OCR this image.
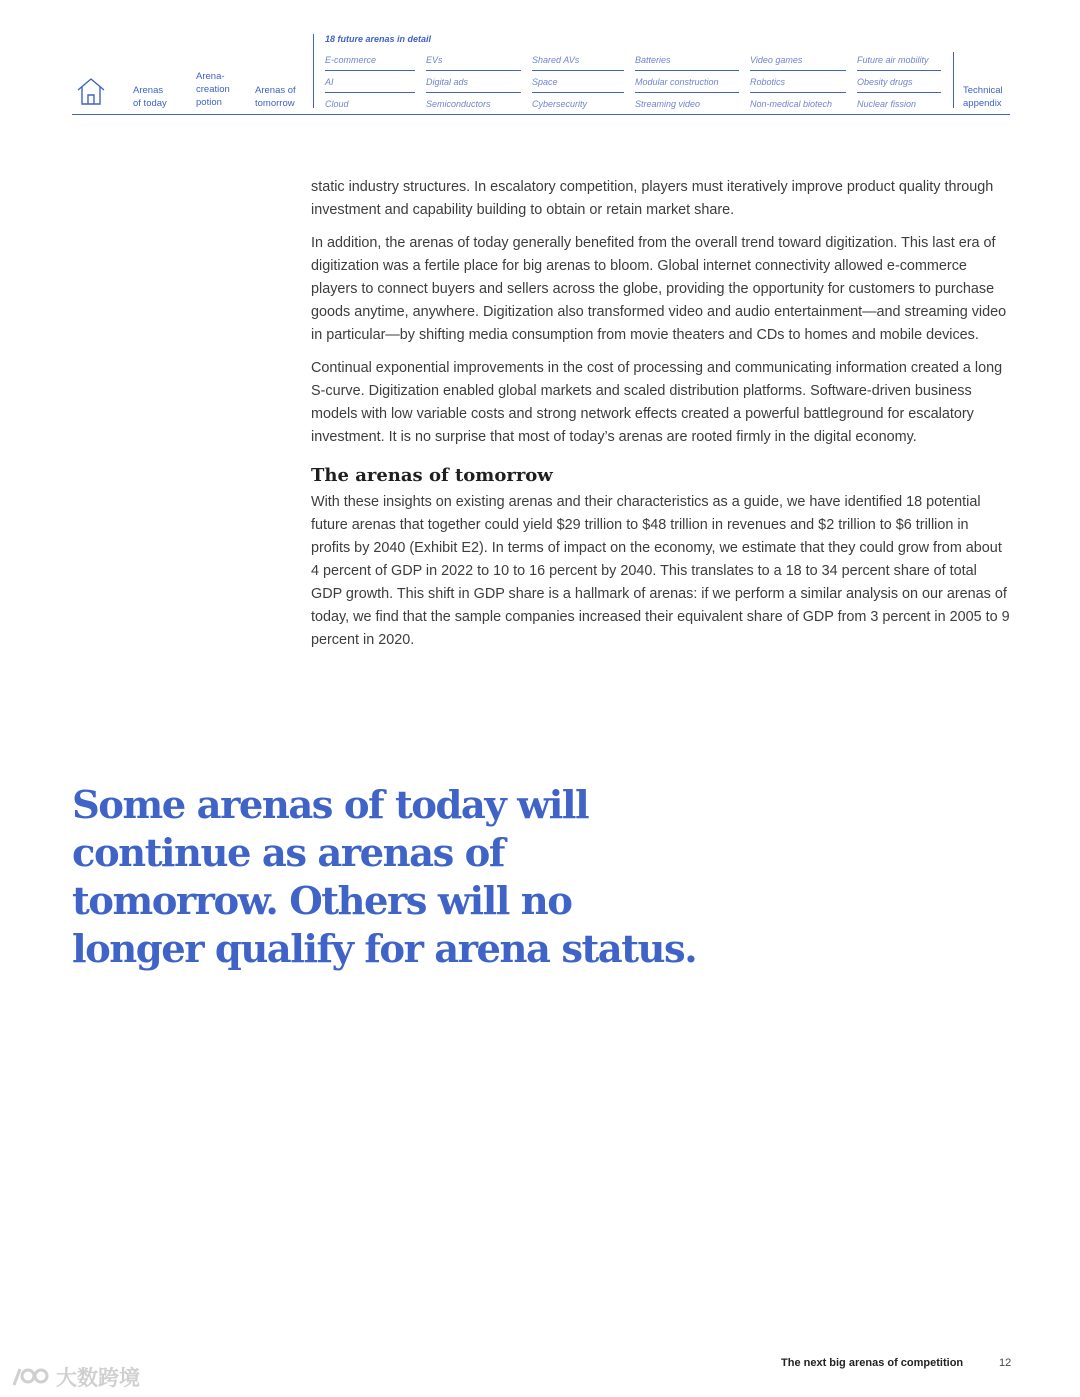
Arenas
of today
Arena-
creation
potion
Arenas of
tomorrow
18 future arenas in detail
E-commerce
AI
Cloud
EVs
Digital ads
Semiconductors
Shared AVs
Space
Cybersecurity
Batteries
Modular construction
Streaming video
Video games
Robotics
Non-medical biotech
Future air mobility
Obesity drugs
Nuclear fission
Technical
appendix

static industry structures. In escalatory competition, players must iteratively improve product quality through investment and capability building to obtain or retain market share.

In addition, the arenas of today generally benefited from the overall trend toward digitization. This last era of digitization was a fertile place for big arenas to bloom. Global internet connectivity allowed e-commerce players to connect buyers and sellers across the globe, providing the opportunity for customers to purchase goods anytime, anywhere. Digitization also transformed video and audio entertainment—and streaming video in particular—by shifting media consumption from movie theaters and CDs to homes and mobile devices.

Continual exponential improvements in the cost of processing and communicating information created a long S-curve. Digitization enabled global markets and scaled distribution platforms. Software-driven business models with low variable costs and strong network effects created a powerful battleground for escalatory investment. It is no surprise that most of today’s arenas are rooted firmly in the digital economy.

The arenas of tomorrow

With these insights on existing arenas and their characteristics as a guide, we have identified 18 potential future arenas that together could yield $29 trillion to $48 trillion in revenues and $2 trillion to $6 trillion in profits by 2040 (Exhibit E2). In terms of impact on the economy, we estimate that they could grow from about 4 percent of GDP in 2022 to 10 to 16 percent by 2040. This translates to a 18 to 34 percent share of total GDP growth. This shift in GDP share is a hallmark of arenas: if we perform a similar analysis on our arenas of today, we find that the sample companies increased their equivalent share of GDP from 3 percent in 2005 to 9 percent in 2020.

Some arenas of today will continue as arenas of tomorrow. Others will no longer qualify for arena status.
大数跨境
The next big arenas of competition	12
